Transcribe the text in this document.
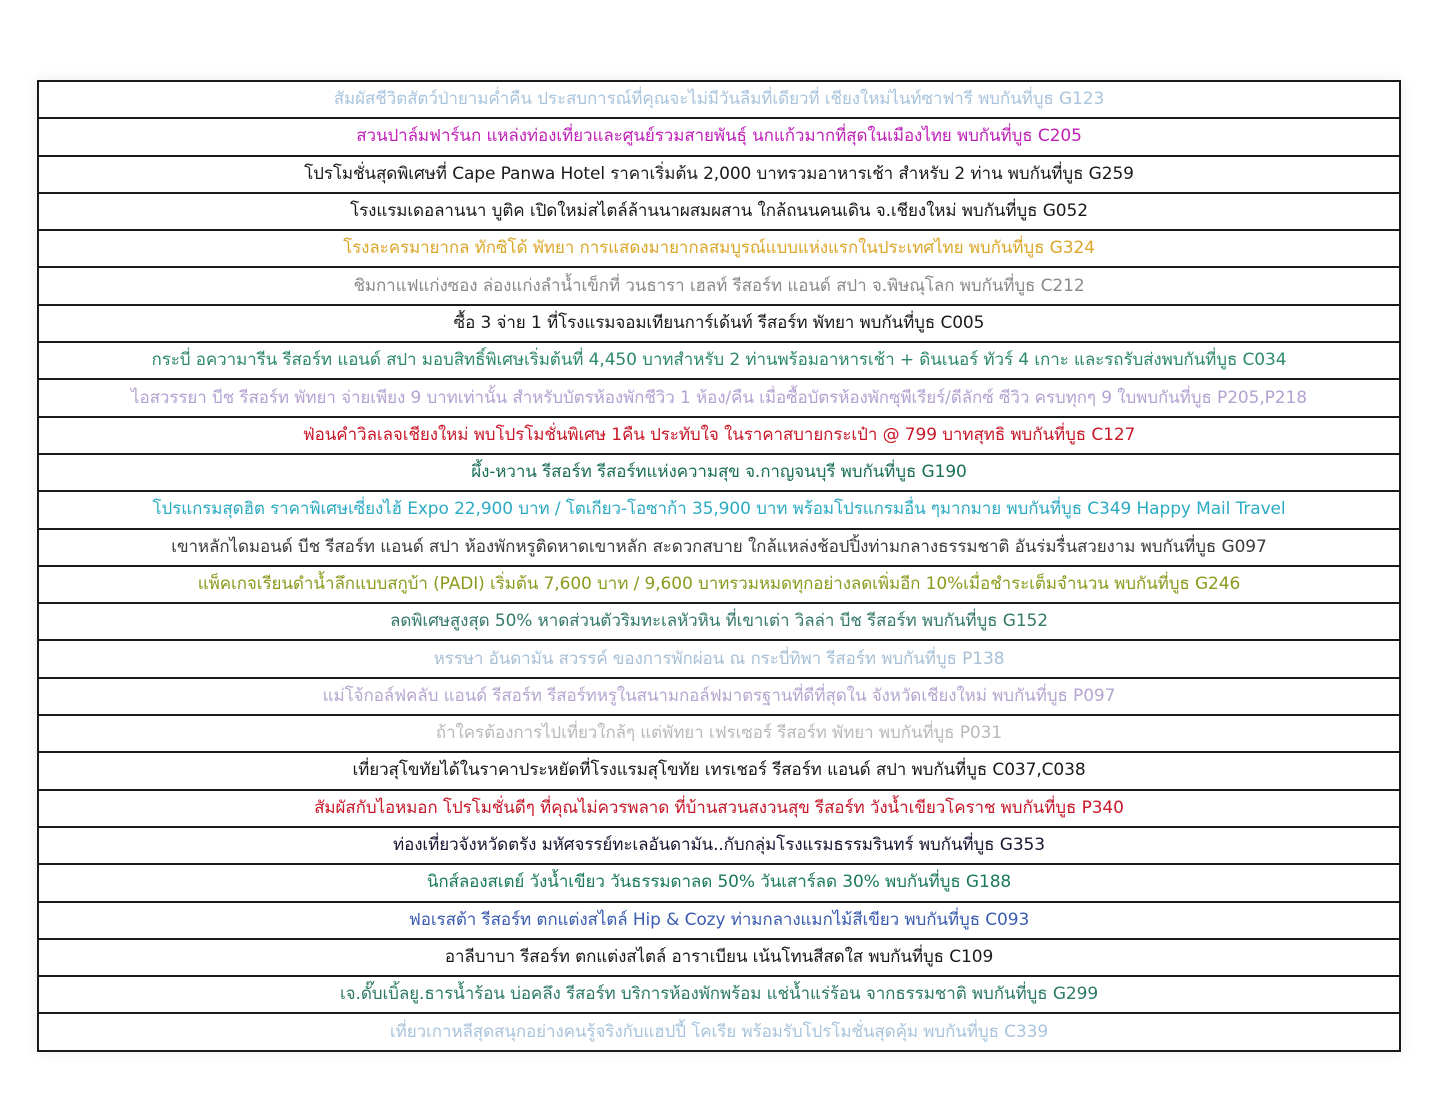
สัมผัสชีวิตสัตว์ป่ายามค่ำคืน ประสบการณ์ที่คุณจะไม่มีวันลืมที่เดียวที่ เชียงใหม่ไนท์ซาฟารี พบกันที่บูธ G123
สวนปาล์มฟาร์นก แหล่งท่องเที่ยวและศูนย์รวมสายพันธุ์ นกแก้วมากที่สุดในเมืองไทย พบกันที่บูธ C205
โปรโมชั่นสุดพิเศษที่ Cape Panwa Hotel ราคาเริ่มต้น 2,000 บาทรวมอาหารเช้า สำหรับ 2 ท่าน พบกันที่บูธ G259
โรงแรมเดอลานนา บูติค เปิดใหม่สไตล์ล้านนาผสมผสาน ใกล้ถนนคนเดิน จ.เชียงใหม่ พบกันที่บูธ G052
โรงละครมายากล ทักซิโด้ พัทยา การแสดงมายากลสมบูรณ์แบบแห่งแรกในประเทศไทย พบกันที่บูธ G324
ชิมกาแฟแก่งซอง ล่องแก่งลำน้ำเข็กที่ วนธารา เฮลท์ รีสอร์ท แอนด์ สปา จ.พิษณุโลก พบกันที่บูธ C212
ซื้อ 3 จ่าย 1 ที่โรงแรมจอมเทียนการ์เด้นท์ รีสอร์ท พัทยา พบกันที่บูธ C005
กระบี่ อความารีน รีสอร์ท แอนด์ สปา มอบสิทธิ์พิเศษเริ่มต้นที่ 4,450 บาทสำหรับ 2 ท่านพร้อมอาหารเช้า + ดินเนอร์ ทัวร์ 4 เกาะ และรถรับส่งพบกันที่บูธ C034
ไอสวรรยา บีช รีสอร์ท พัทยา จ่ายเพียง 9 บาทเท่านั้น สำหรับบัตรห้องพักชีวิว 1 ห้อง/คืน เมื่อซื้อบัตรห้องพักซุพีเรียร์/ดีลักซ์ ซีวิว ครบทุกๆ 9 ใบพบกันที่บูธ P205,P218
ฟ่อนคำวิลเลจเชียงใหม่ พบโปรโมชั่นพิเศษ 1คืน ประทับใจ ในราคาสบายกระเป๋า @ 799 บาทสุทธิ พบกันที่บูธ C127
ผึ้ง-หวาน รีสอร์ท รีสอร์ทแห่งความสุข จ.กาญจนบุรี พบกันที่บูธ G190
โปรแกรมสุดฮิต ราคาพิเศษเซี่ยงไฮ้ Expo 22,900 บาท / โตเกียว-โอซาก้า 35,900 บาท พร้อมโปรแกรมอื่น ๆมากมาย พบกันที่บูธ C349 Happy Mail Travel
เขาหลักไดมอนด์ บีช รีสอร์ท แอนด์ สปา ห้องพักหรูติดหาดเขาหลัก สะดวกสบาย ใกล้แหล่งช้อปปิ้งท่ามกลางธรรมชาติ อันร่มรื่นสวยงาม พบกันที่บูธ G097
แพ็คเกจเรียนดำน้ำลึกแบบสกูบ้า (PADI) เริ่มต้น 7,600 บาท / 9,600 บาทรวมหมดทุกอย่างลดเพิ่มอีก 10%เมื่อชำระเต็มจำนวน พบกันที่บูธ G246
ลดพิเศษสูงสุด 50% หาดส่วนตัวริมทะเลหัวหิน ที่เขาเต่า วิลล่า บีช รีสอร์ท พบกันที่บูธ G152
หรรษา อันดามัน สวรรค์ ของการพักผ่อน ณ กระบี่ทิพา รีสอร์ท พบกันที่บูธ P138
แม่โจ้กอล์ฟคลับ แอนด์ รีสอร์ท รีสอร์ทหรูในสนามกอล์ฟมาตรฐานที่ดีที่สุดใน จังหวัดเชียงใหม่ พบกันที่บูธ P097
ถ้าใครต้องการไปเที่ยวใกล้ๆ แต่พัทยา เฟรเซอร์ รีสอร์ท พัทยา พบกันที่บูธ P031
เที่ยวสุโขทัยได้ในราคาประหยัดที่โรงแรมสุโขทัย เทรเชอร์ รีสอร์ท แอนด์ สปา พบกันที่บูธ C037,C038
สัมผัสกับไอหมอก โปรโมชั่นดีๆ ที่คุณไม่ควรพลาด ที่บ้านสวนสงวนสุข รีสอร์ท วังน้ำเขียวโคราช พบกันที่บูธ P340
ท่องเที่ยวจังหวัดตรัง มหัศจรรย์ทะเลอันดามัน..กับกลุ่มโรงแรมธรรมรินทร์ พบกันที่บูธ G353
นิกส์ลองสเตย์ วังน้ำเขียว วันธรรมดาลด 50% วันเสาร์ลด 30% พบกันที่บูธ G188
ฟอเรสต้า รีสอร์ท ตกแต่งสไตล์ Hip & Cozy ท่ามกลางแมกไม้สีเขียว พบกันที่บูธ C093
อาลีบาบา รีสอร์ท ตกแต่งสไตล์ อาราเบียน เน้นโทนสีสดใส พบกันที่บูธ C109
เจ.ดั๊บเบิ้ลยู.ธารน้ำร้อน บ่อคลึง รีสอร์ท บริการห้องพักพร้อม แช่น้ำแร่ร้อน จากธรรมชาติ พบกันที่บูธ G299
เที่ยวเกาหลีสุดสนุกอย่างคนรู้จริงกับแฮปปี้ โคเรีย พร้อมรับโปรโมชั่นสุดคุ้ม พบกันที่บูธ C339
